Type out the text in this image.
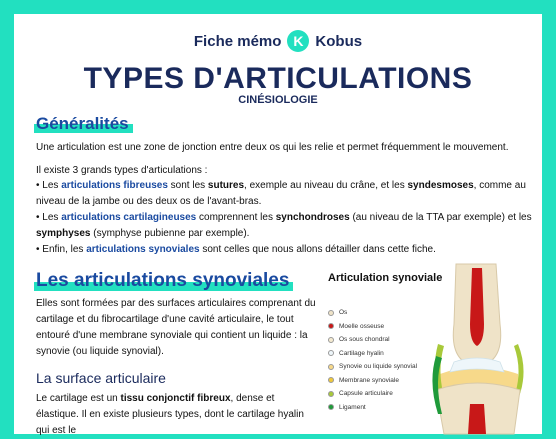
Fiche mémo K Kobus
TYPES D'ARTICULATIONS
CINÉSIOLOGIE
Généralités
Une articulation est une zone de jonction entre deux os qui les relie et permet fréquemment le mouvement.
Il existe 3 grands types d'articulations :
• Les articulations fibreuses sont les sutures, exemple au niveau du crâne, et les syndesmoses, comme au niveau de la jambe ou des deux os de l'avant-bras.
• Les articulations cartilagineuses comprennent les synchondroses (au niveau de la TTA par exemple) et les symphyses (symphyse pubienne par exemple).
• Enfin, les articulations synoviales sont celles que nous allons détailler dans cette fiche.
Les articulations synoviales
Elles sont formées par des surfaces articulaires comprenant du cartilage et du fibrocartilage d'une cavité articulaire, le tout entouré d'une membrane synoviale qui contient un liquide : la synovie (ou liquide synovial).
La surface articulaire
Le cartilage est un tissu conjonctif fibreux, dense et élastique. Il en existe plusieurs types, dont le cartilage hyalin qui est le
Articulation synoviale
Os
Moelle osseuse
Os sous chondral
Cartilage hyalin
Synovie ou liquide synovial
Membrane synoviale
Capsule articulaire
Ligament
